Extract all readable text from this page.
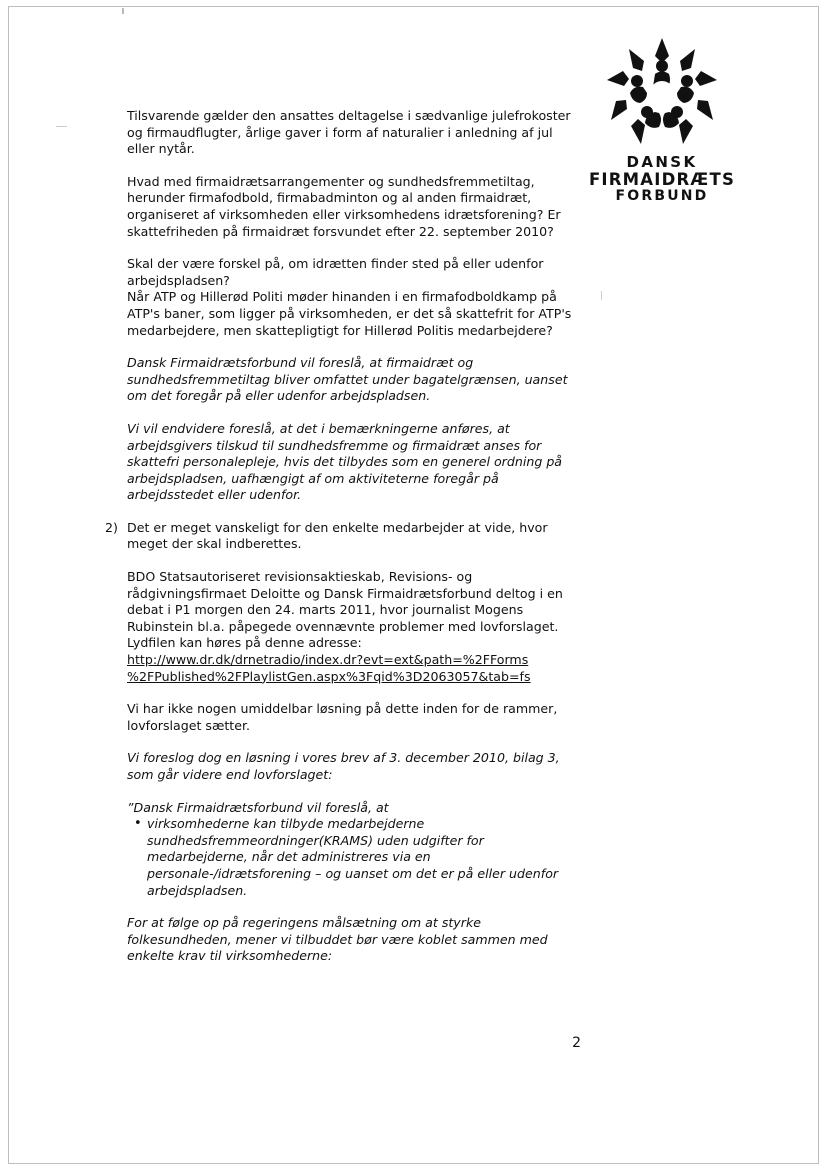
DANSK
FIRMAIDRÆTS
FORBUND

Tilsvarende gælder den ansattes deltagelse i sædvanlige julefrokoster og firmaudflugter, årlige gaver i form af naturalier i anledning af jul eller nytår.

Hvad med firmaidrætsarrangementer og sundhedsfremmetiltag, herunder firmafodbold, firmabadminton og al anden firmaidræt, organiseret af virksomheden eller virksomhedens idrætsforening? Er skattefriheden på firmaidræt forsvundet efter 22. september 2010?

Skal der være forskel på, om idrætten finder sted på eller udenfor arbejdspladsen?

Når ATP og Hillerød Politi møder hinanden i en firmafodboldkamp på ATP's baner, som ligger på virksomheden, er det så skattefrit for ATP's medarbejdere, men skattepligtigt for Hillerød Politis medarbejdere?

Dansk Firmaidrætsforbund vil foreslå, at firmaidræt og sundhedsfremmetiltag bliver omfattet under bagatelgrænsen, uanset om det foregår på eller udenfor arbejdspladsen.

Vi vil endvidere foreslå, at det i bemærkningerne anføres, at arbejdsgivers tilskud til sundhedsfremme og firmaidræt anses for skattefri personalepleje, hvis det tilbydes som en generel ordning på arbejdspladsen, uafhængigt af om aktiviteterne foregår på arbejdsstedet eller udenfor.

2) Det er meget vanskeligt for den enkelte medarbejder at vide, hvor meget der skal indberettes.

BDO Statsautoriseret revisionsaktieskab, Revisions- og rådgivningsfirmaet Deloitte og Dansk Firmaidrætsforbund deltog i en debat i P1 morgen den 24. marts 2011, hvor journalist Mogens Rubinstein bl.a. påpegede ovennævnte problemer med lovforslaget.

Lydfilen kan høres på denne adresse:

http://www.dr.dk/drnetradio/index.dr?evt=ext&path=%2FForms
%2FPublished%2FPlaylistGen.aspx%3Fqid%3D2063057&tab=fs

Vi har ikke nogen umiddelbar løsning på dette inden for de rammer, lovforslaget sætter.

Vi foreslog dog en løsning i vores brev af 3. december 2010, bilag 3, som går videre end lovforslaget:

”Dansk Firmaidrætsforbund vil foreslå, at

• virksomhederne kan tilbyde medarbejderne sundhedsfremmeordninger(KRAMS) uden udgifter for medarbejderne, når det administreres via en personale-/idrætsforening – og uanset om det er på eller udenfor arbejdspladsen.

For at følge op på regeringens målsætning om at styrke folkesundheden, mener vi tilbuddet bør være koblet sammen med enkelte krav til virksomhederne:

2
